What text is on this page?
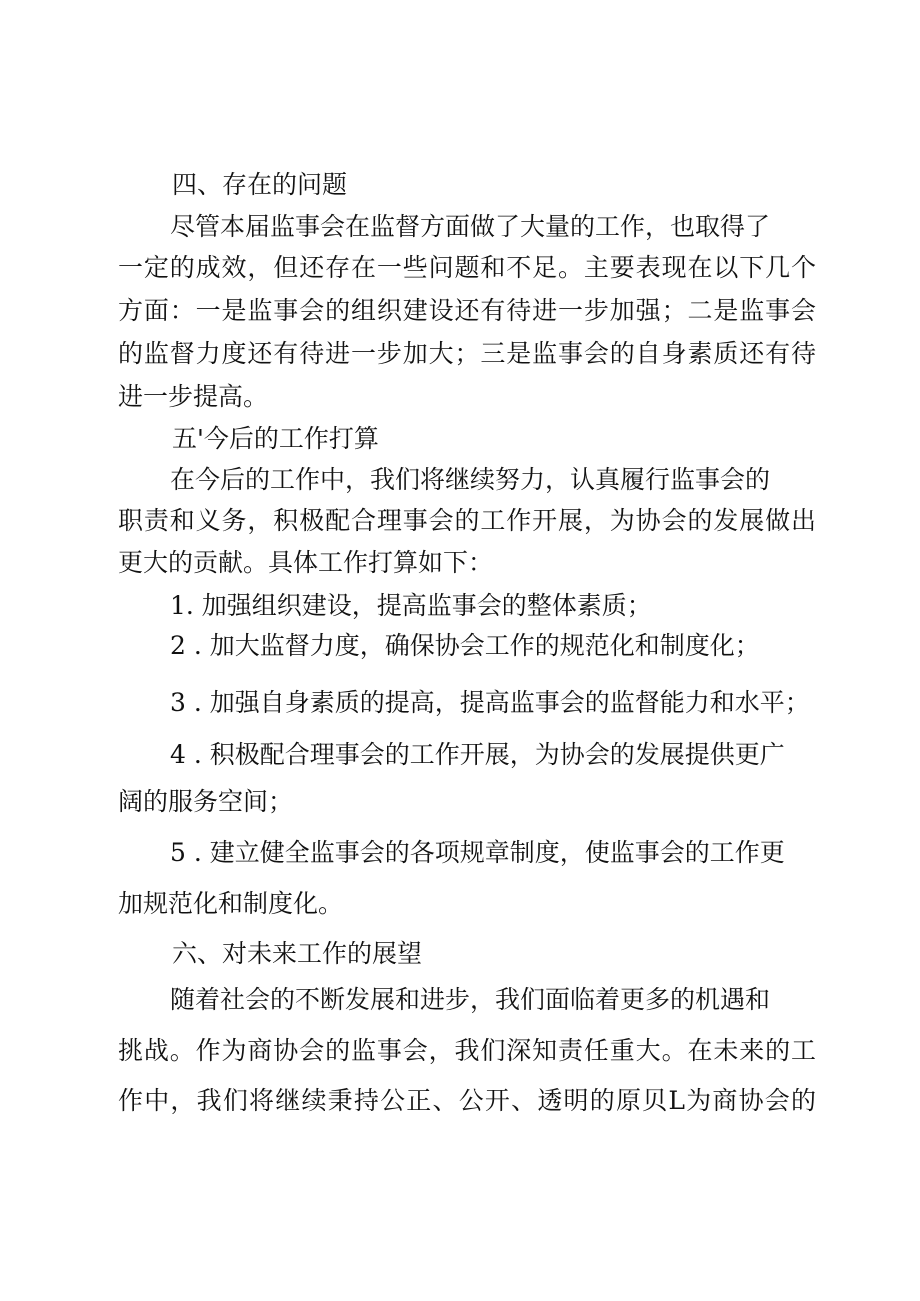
四、存在的问题
尽管本届监事会在监督方面做了大量的工作，也取得了
一定的成效，但还存在一些问题和不足。主要表现在以下几个
方面：一是监事会的组织建设还有待进一步加强；二是监事会
的监督力度还有待进一步加大；三是监事会的自身素质还有待
进一步提高。
五'今后的工作打算
在今后的工作中，我们将继续努力，认真履行监事会的
职责和义务，积极配合理事会的工作开展，为协会的发展做出
更大的贡献。具体工作打算如下：
1. 加强组织建设，提高监事会的整体素质；
2 . 加大监督力度，确保协会工作的规范化和制度化；
3 . 加强自身素质的提高，提高监事会的监督能力和水平；
4 . 积极配合理事会的工作开展，为协会的发展提供更广
阔的服务空间；
5 . 建立健全监事会的各项规章制度，使监事会的工作更
加规范化和制度化。
六、对未来工作的展望
随着社会的不断发展和进步，我们面临着更多的机遇和
挑战。作为商协会的监事会，我们深知责任重大。在未来的工
作中，我们将继续秉持公正、公开、透明的原贝L为商协会的
